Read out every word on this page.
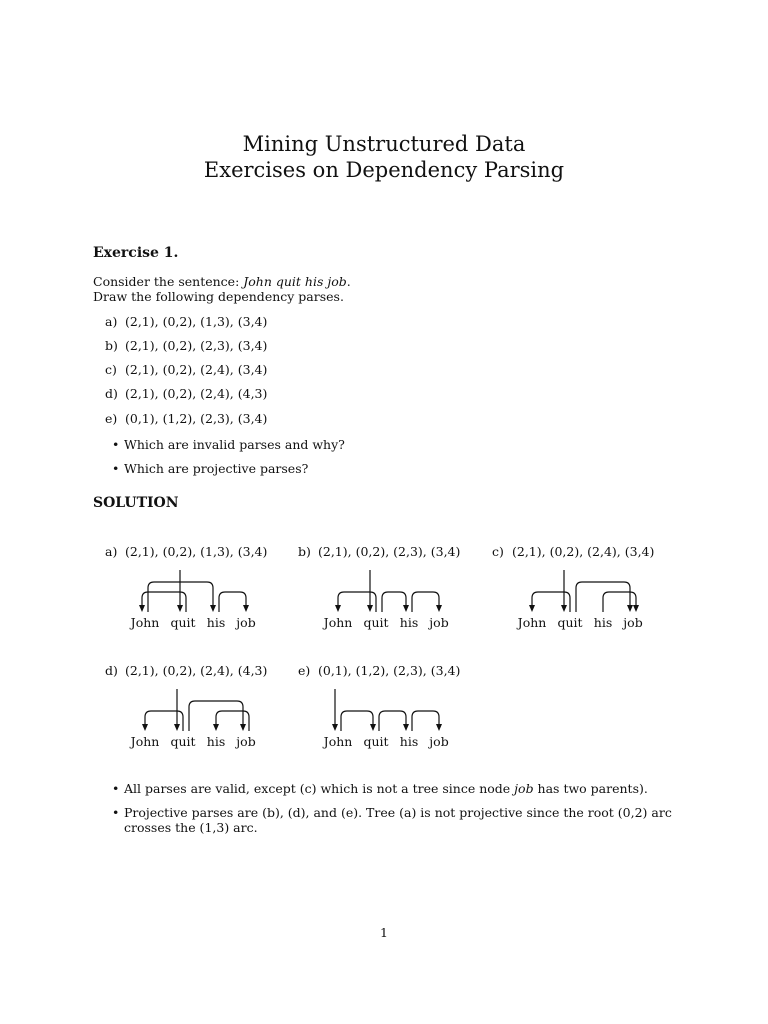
Mining Unstructured Data
Exercises on Dependency Parsing
Exercise 1.
Consider the sentence: John quit his job.
Draw the following dependency parses.
a) (2,1), (0,2), (1,3), (3,4)
b) (2,1), (0,2), (2,3), (3,4)
c) (2,1), (0,2), (2,4), (3,4)
d) (2,1), (0,2), (2,4), (4,3)
e) (0,1), (1,2), (2,3), (3,4)
• Which are invalid parses and why?
• Which are projective parses?
SOLUTION
a) (2,1), (0,2), (1,3), (3,4)
John quit his job
b) (2,1), (0,2), (2,3), (3,4)
John quit his job
c) (2,1), (0,2), (2,4), (3,4)
John quit his job
d) (2,1), (0,2), (2,4), (4,3)
John quit his job
e) (0,1), (1,2), (2,3), (3,4)
John quit his job
• All parses are valid, except (c) which is not a tree since node job has two parents).
• Projective parses are (b), (d), and (e). Tree (a) is not projective since the root (0,2) arc crosses the (1,3) arc.
1
